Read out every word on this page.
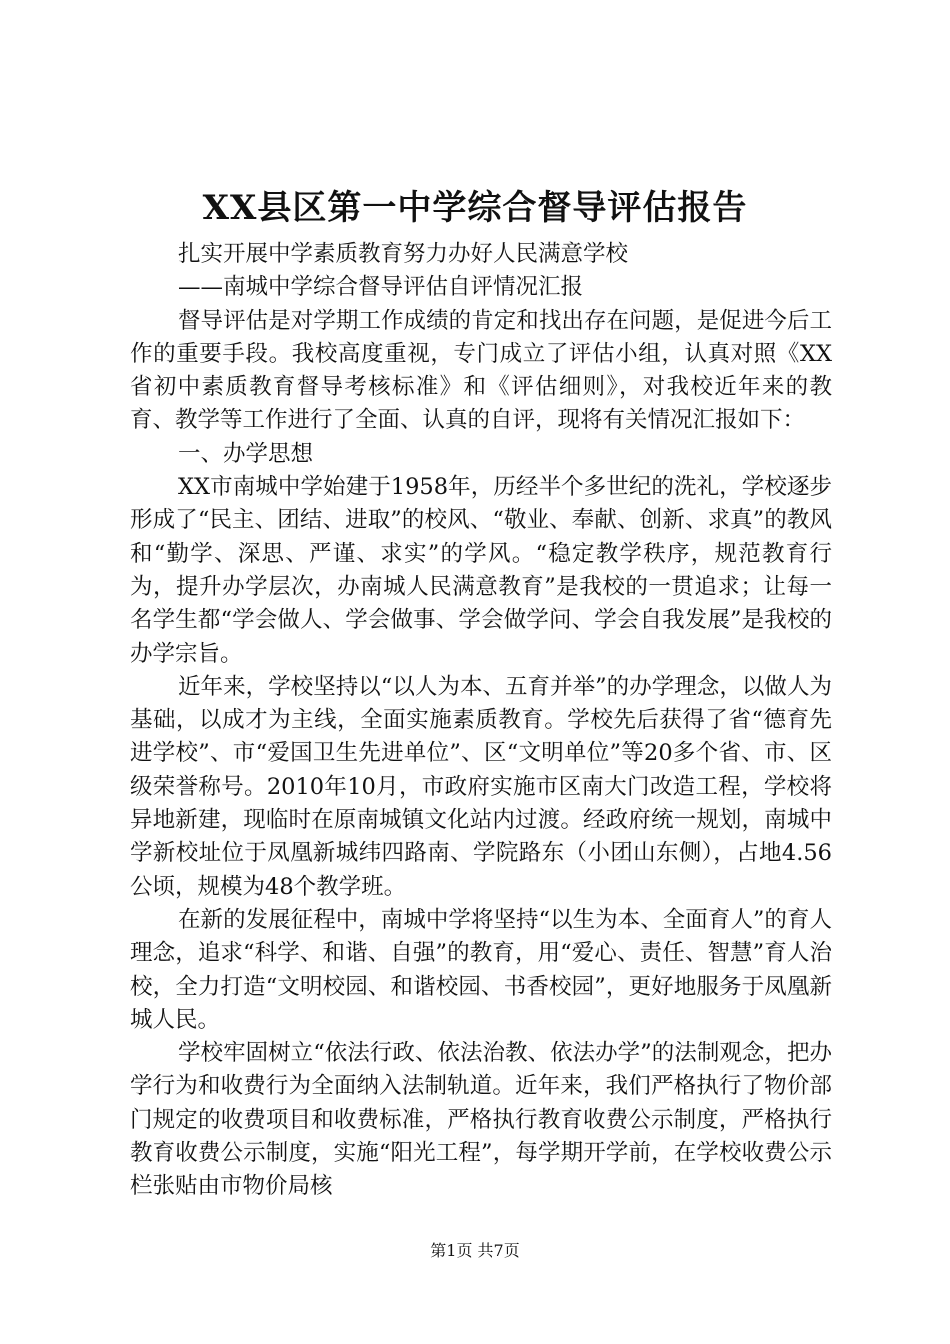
XX县区第一中学综合督导评估报告

扎实开展中学素质教育努力办好人民满意学校

——南城中学综合督导评估自评情况汇报

督导评估是对学期工作成绩的肯定和找出存在问题，是促进今后工作的重要手段。我校高度重视，专门成立了评估小组，认真对照《XX省初中素质教育督导考核标准》和《评估细则》，对我校近年来的教育、教学等工作进行了全面、认真的自评，现将有关情况汇报如下：

一、办学思想

XX市南城中学始建于1958年，历经半个多世纪的洗礼，学校逐步形成了“民主、团结、进取”的校风、“敬业、奉献、创新、求真”的教风和“勤学、深思、严谨、求实”的学风。“稳定教学秩序，规范教育行为，提升办学层次，办南城人民满意教育”是我校的一贯追求；让每一名学生都“学会做人、学会做事、学会做学问、学会自我发展”是我校的办学宗旨。

近年来，学校坚持以“以人为本、五育并举”的办学理念，以做人为基础，以成才为主线，全面实施素质教育。学校先后获得了省“德育先进学校”、市“爱国卫生先进单位”、区“文明单位”等20多个省、市、区级荣誉称号。2010年10月，市政府实施市区南大门改造工程，学校将异地新建，现临时在原南城镇文化站内过渡。经政府统一规划，南城中学新校址位于凤凰新城纬四路南、学院路东（小团山东侧），占地4.56公顷，规模为48个教学班。

在新的发展征程中，南城中学将坚持“以生为本、全面育人”的育人理念，追求“科学、和谐、自强”的教育，用“爱心、责任、智慧”育人治校，全力打造“文明校园、和谐校园、书香校园”，更好地服务于凤凰新城人民。

学校牢固树立“依法行政、依法治教、依法办学”的法制观念，把办学行为和收费行为全面纳入法制轨道。近年来，我们严格执行了物价部门规定的收费项目和收费标准，严格执行教育收费公示制度，严格执行教育收费公示制度，实施“阳光工程”，每学期开学前，在学校收费公示栏张贴由市物价局核

第1页 共7页
